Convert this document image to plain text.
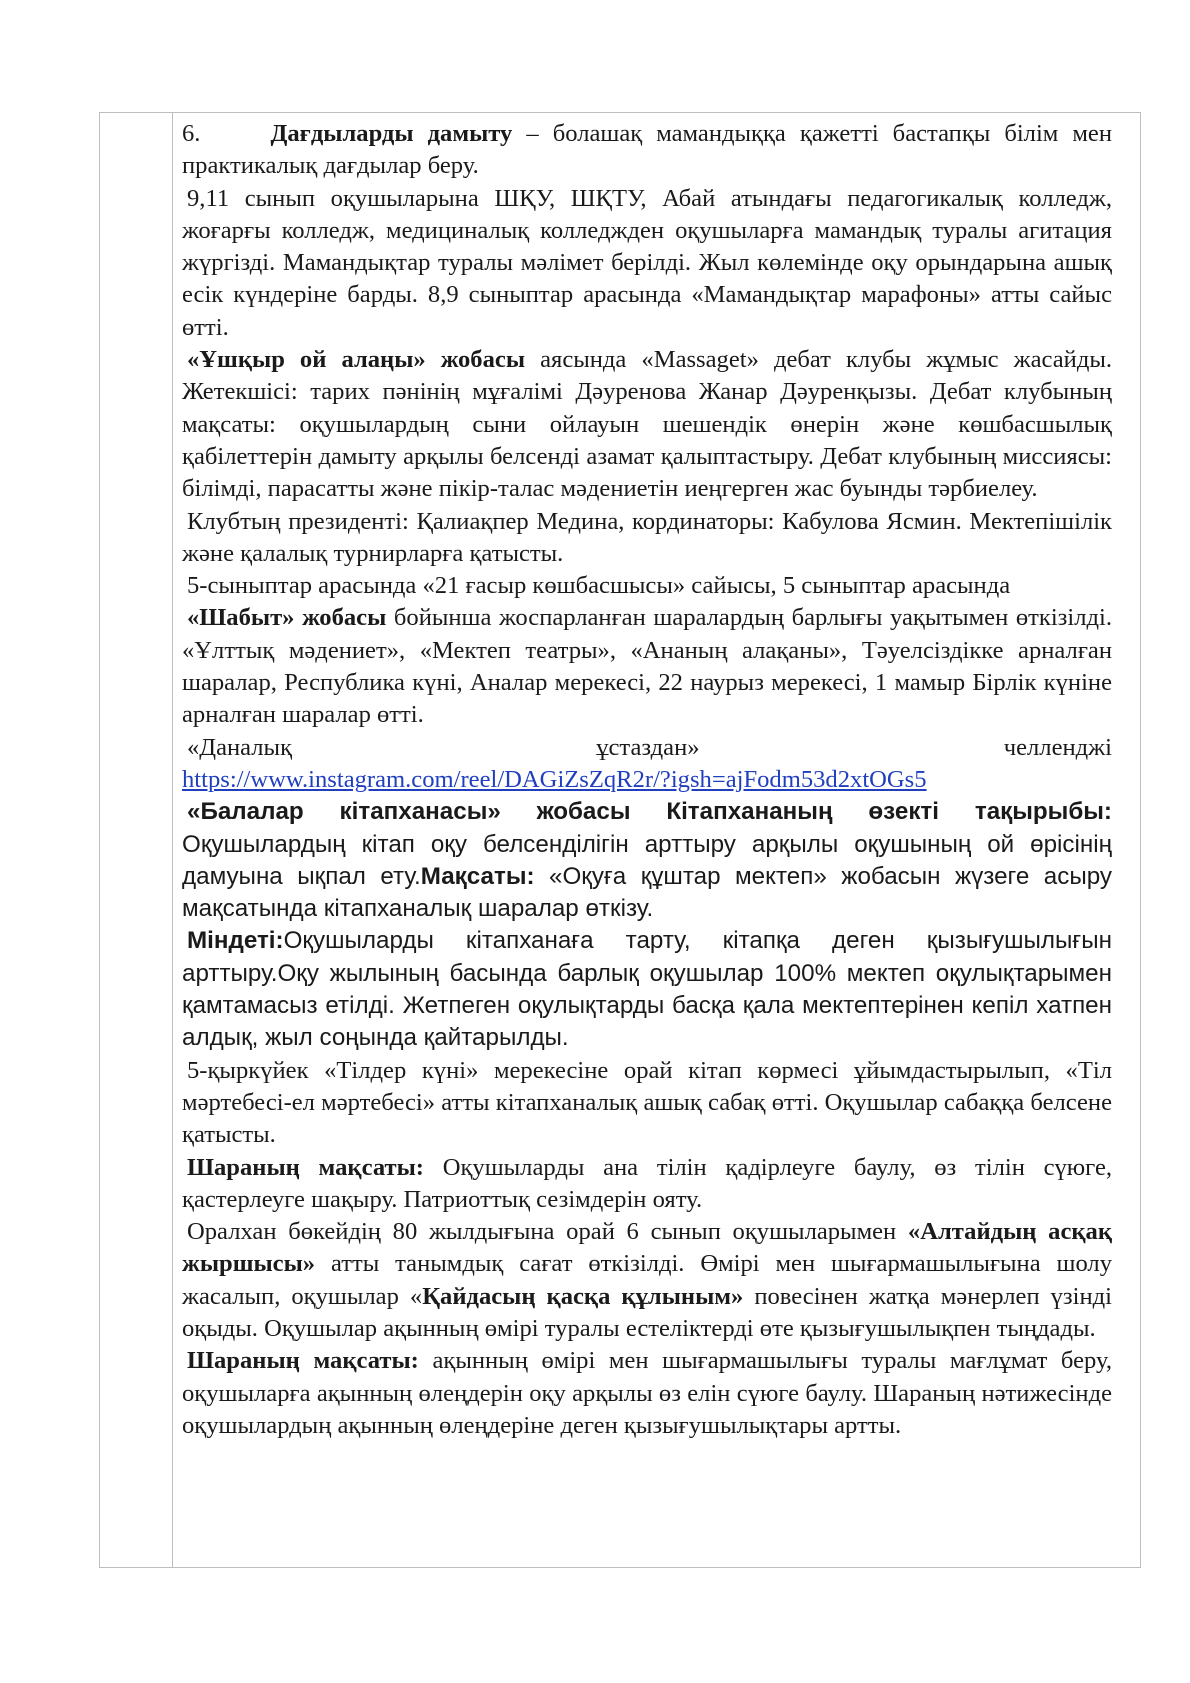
6.	Дағдыларды дамыту – болашақ мамандыққа қажетті бастапқы білім мен практикалық дағдылар беру.

9,11 сынып оқушыларына ШҚУ, ШҚТУ, Абай атындағы педагогикалық колледж, жоғарғы колледж, медициналық колледжден оқушыларға мамандық туралы агитация жүргізді. Мамандықтар туралы мәлімет берілді. Жыл көлемінде оқу орындарына ашық есік күндеріне барды. 8,9 сыныптар арасында «Мамандықтар марафоны» атты сайыс өтті.

«Ұшқыр ой алаңы» жобасы аясында «Massaget» дебат клубы жұмыс жасайды. Жетекшісі: тарих пәнінің мұғалімі Дәуренова Жанар Дәуренқызы. Дебат клубының мақсаты: оқушылардың сыни ойлауын шешендік өнерін және көшбасшылық қабілеттерін дамыту арқылы белсенді азамат қалыптастыру. Дебат клубының миссиясы: білімді, парасатты және пікір-талас мәдениетін иеңгерген жас буынды тәрбиелеу.

Клубтың президенті: Қалиақпер Медина, кординаторы: Кабулова Ясмин. Мектепішілік және қалалық турнирларға қатысты.

5-сыныптар арасында «21 ғасыр көшбасшысы» сайысы, 5 сыныптар арасында

«Шабыт» жобасы бойынша жоспарланған шаралардың барлығы уақытымен өткізілді. «Ұлттық мәдениет», «Мектеп театры», «Ананың алақаны», Тәуелсіздікке арналған шаралар, Республика күні, Аналар мерекесі, 22 наурыз мерекесі, 1 мамыр Бірлік күніне арналған шаралар өтті.

«Даналық	ұстаздан»	челленджі

https://www.instagram.com/reel/DAGiZsZqR2r/?igsh=ajFodm53d2xtOGs5

«Балалар кітапханасы» жобасы Кітапхананың өзекті тақырыбы: Оқушылардың кітап оқу белсенділігін арттыру арқылы оқушының ой өрісінің дамуына ықпал ету.Мақсаты: «Оқуға құштар мектеп» жобасын жүзеге асыру мақсатында кітапханалық шаралар өткізу.

Міндеті:Оқушыларды кітапханаға тарту, кітапқа деген қызығушылығын арттыру.Оқу жылының басында барлық оқушылар 100% мектеп оқулықтарымен қамтамасыз етілді. Жетпеген оқулықтарды басқа қала мектептерінен кепіл хатпен алдық, жыл соңында қайтарылды.

5-қыркүйек «Тілдер күні» мерекесіне орай кітап көрмесі ұйымдастырылып, «Тіл мәртебесі-ел мәртебесі» атты кітапханалық ашық сабақ өтті. Оқушылар сабаққа белсене қатысты.

Шараның мақсаты: Оқушыларды ана тілін қадірлеуге баулу, өз тілін сүюге, қастерлеуге шақыру. Патриоттық сезімдерін ояту.

Оралхан бөкейдің 80 жылдығына орай 6 сынып оқушыларымен «Алтайдың асқақ жыршысы» атты танымдық сағат өткізілді. Өмірі мен шығармашылығына шолу жасалып, оқушылар «Қайдасың қасқа құлыным» повесінен жатқа мәнерлеп үзінді оқыды. Оқушылар ақынның өмірі туралы естеліктерді өте қызығушылықпен тыңдады.

Шараның мақсаты: ақынның өмірі мен шығармашылығы туралы мағлұмат беру, оқушыларға ақынның өлеңдерін оқу арқылы өз елін сүюге баулу. Шараның нәтижесінде оқушылардың ақынның өлеңдеріне деген қызығушылықтары артты.
